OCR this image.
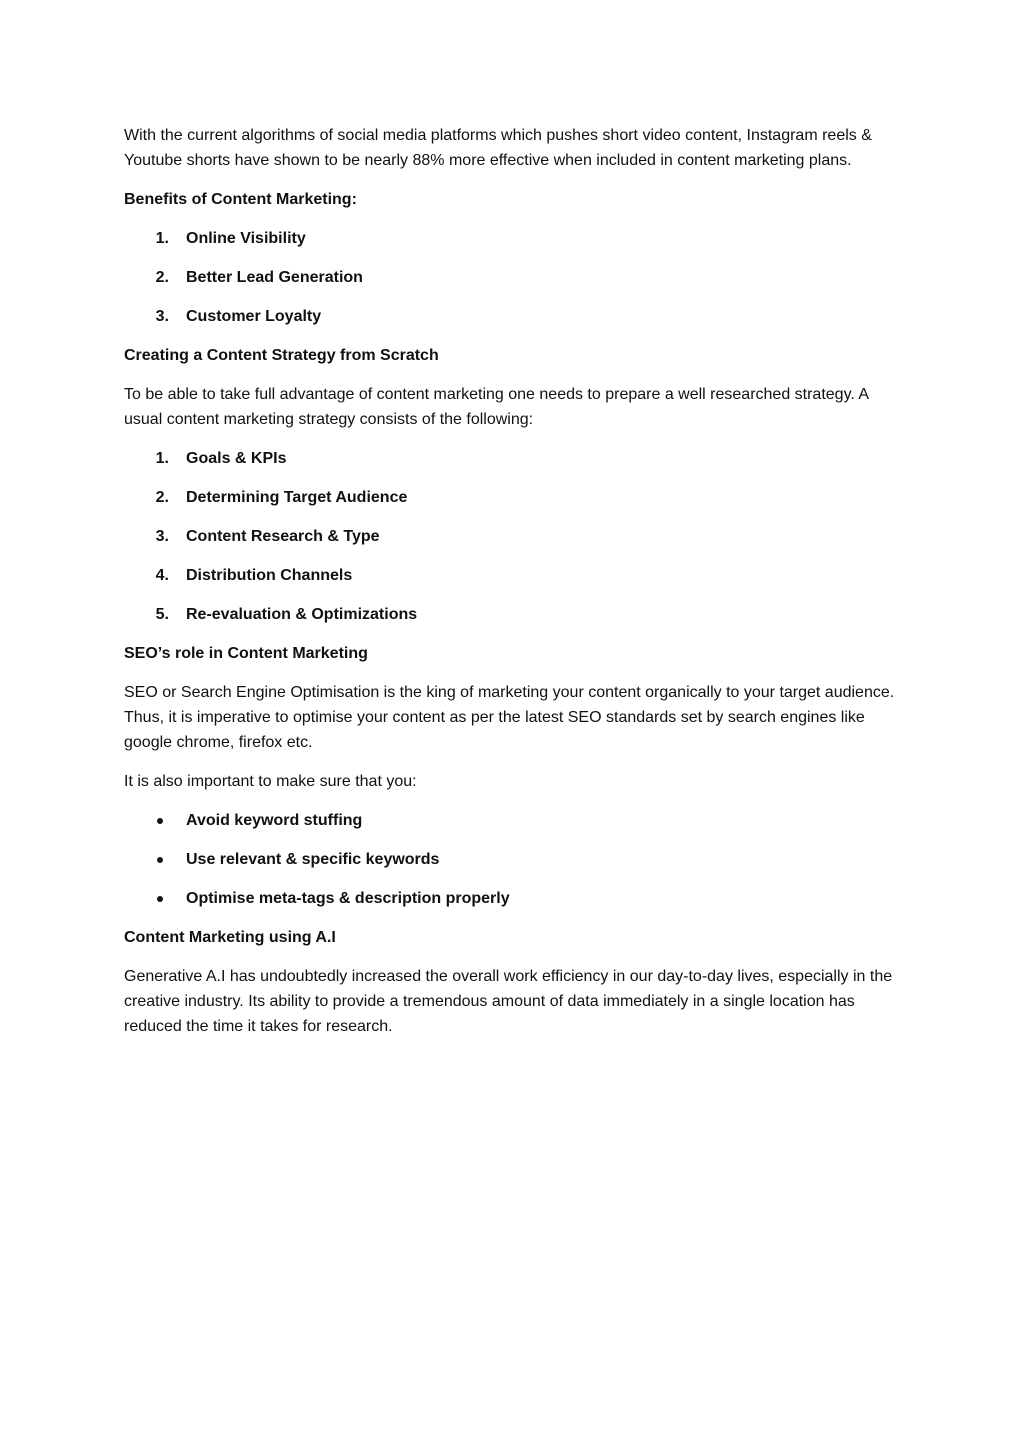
With the current algorithms of social media platforms which pushes short video content, Instagram reels & Youtube shorts have shown to be nearly 88% more effective when included in content marketing plans.

Benefits of Content Marketing:
1.	Online Visibility
2.	Better Lead Generation
3.	Customer Loyalty
Creating a Content Strategy from Scratch

To be able to take full advantage of content marketing one needs to prepare a well researched strategy. A usual content marketing strategy consists of the following:

1.	Goals & KPIs
2.	Determining Target Audience
3.	Content Research & Type
4.	Distribution Channels
5.	Re-evaluation & Optimizations
SEO’s role in Content Marketing

SEO or Search Engine Optimisation is the king of marketing your content organically to your target audience. Thus, it is imperative to optimise your content as per the latest SEO standards set by search engines like google chrome, firefox etc.

It is also important to make sure that you:

Avoid keyword stuffing
Use relevant & specific keywords
Optimise meta-tags & description properly
Content Marketing using A.I

Generative A.I has undoubtedly increased the overall work efficiency in our day-to-day lives, especially in the creative industry. Its ability to provide a tremendous amount of data immediately in a single location has reduced the time it takes for research.
